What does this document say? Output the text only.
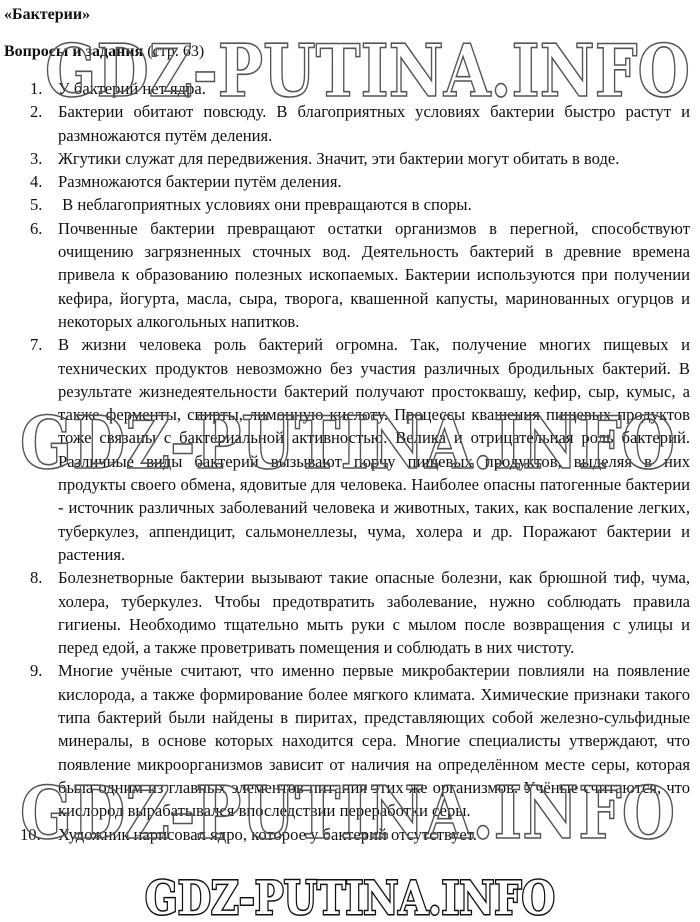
«Бактерии»
Вопросы и задания (стр. 63)
1. У бактерий нет ядра.
2. Бактерии обитают повсюду. В благоприятных условиях бактерии быстро растут и размножаются путём деления.
3. Жгутики служат для передвижения. Значит, эти бактерии могут обитать в воде.
4. Размножаются бактерии путём деления.
5. В неблагоприятных условиях они превращаются в споры.
6. Почвенные бактерии превращают остатки организмов в перегной, способствуют очищению загрязненных сточных вод. Деятельность бактерий в древние времена привела к образованию полезных ископаемых. Бактерии используются при получении кефира, йогурта, масла, сыра, творога, квашенной капусты, маринованных огурцов и некоторых алкогольных напитков.
7. В жизни человека роль бактерий огромна. Так, получение многих пищевых и технических продуктов невозможно без участия различных бродильных бактерий. В результате жизнедеятельности бактерий получают простоквашу, кефир, сыр, кумыс, а также ферменты, спирты, лимонную кислоту. Процессы квашения пищевых продуктов тоже связаны с бактериальной активностью. Велика и отрицательная роль бактерий. Различные виды бактерий вызывают порчу пищевых продуктов, выделяя в них продукты своего обмена, ядовитые для человека. Наиболее опасны патогенные бактерии - источник различных заболеваний человека и животных, таких, как воспаление легких, туберкулез, аппендицит, сальмонеллезы, чума, холера и др. Поражают бактерии и растения.
8. Болезнетворные бактерии вызывают такие опасные болезни, как брюшной тиф, чума, холера, туберкулез. Чтобы предотвратить заболевание, нужно соблюдать правила гигиены. Необходимо тщательно мыть руки с мылом после возвращения с улицы и перед едой, а также проветривать помещения и соблюдать в них чистоту.
9. Многие учёные считают, что именно первые микробактерии повлияли на появление кислорода, а также формирование более мягкого климата. Химические признаки такого типа бактерий были найдены в пиритах, представляющих собой железно-сульфидные минералы, в основе которых находится сера. Многие специалисты утверждают, что появление микроорганизмов зависит от наличия на определённом месте серы, которая была одним из главных элементов питания этих же организмов. Учёные считаются, что кислород вырабатывался впоследствии переработки серы.
10. Художник нарисовал ядро, которое у бактерий отсутствует.
GDZ-PUTINA.INFO
GDZ-PUTINA.INFO
GDZ-PUTINA.INFO
GDZ-PUTINA.INFO
